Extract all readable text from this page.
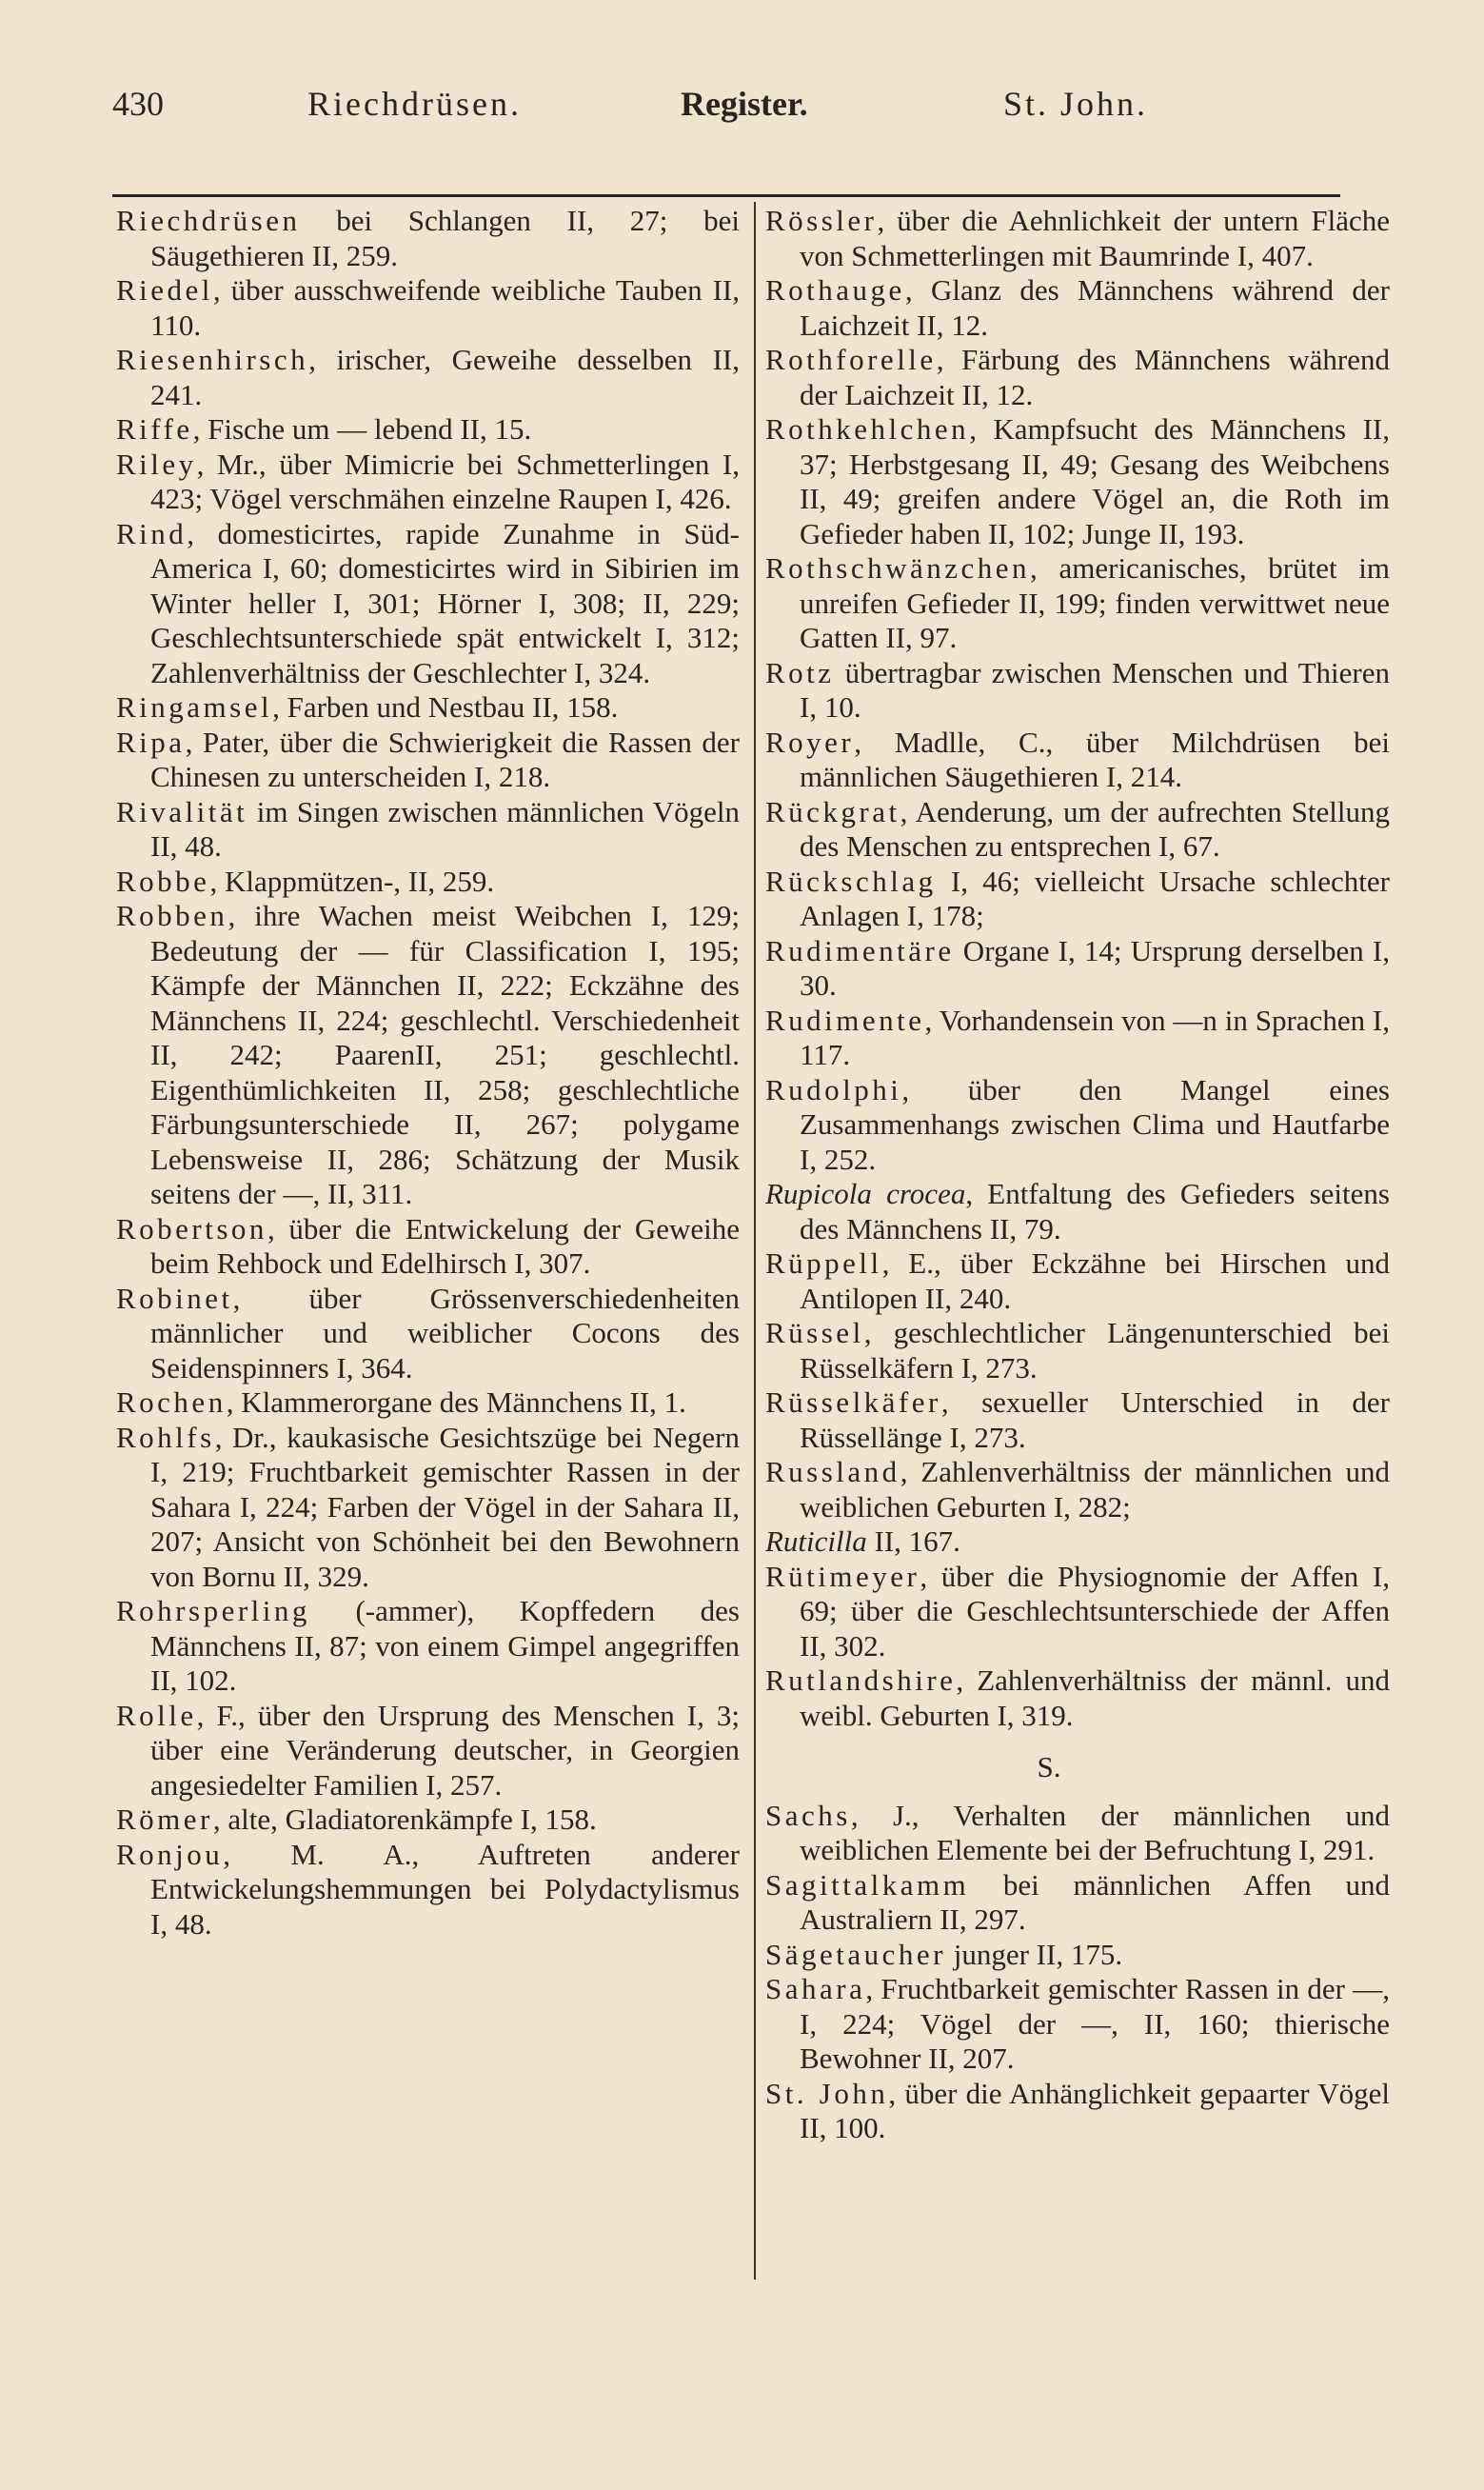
430	Riechdrüsen.	Register.	St. John.

Riechdrüsen bei Schlangen II, 27; bei Säugethieren II, 259.

Riedel, über ausschweifende weibliche Tauben II, 110.

Riesenhirsch, irischer, Geweihe desselben II, 241.

Riffe, Fische um — lebend II, 15.

Riley, Mr., über Mimicrie bei Schmetterlingen I, 423; Vögel verschmähen einzelne Raupen I, 426.

Rind, domesticirtes, rapide Zunahme in Süd-America I, 60; domesticirtes wird in Sibirien im Winter heller I, 301; Hörner I, 308; II, 229; Geschlechtsunterschiede spät entwickelt I, 312; Zahlenverhältniss der Geschlechter I, 324.

Ringamsel, Farben und Nestbau II, 158.

Ripa, Pater, über die Schwierigkeit die Rassen der Chinesen zu unterscheiden I, 218.

Rivalität im Singen zwischen männlichen Vögeln II, 48.

Robbe, Klappmützen-, II, 259.

Robben, ihre Wachen meist Weibchen I, 129; Bedeutung der — für Classification I, 195; Kämpfe der Männchen II, 222; Eckzähne des Männchens II, 224; geschlechtl. Verschiedenheit II, 242; PaarenII, 251; geschlechtl. Eigenthümlichkeiten II, 258; geschlechtliche Färbungsunterschiede II, 267; polygame Lebensweise II, 286; Schätzung der Musik seitens der —, II, 311.

Robertson, über die Entwickelung der Geweihe beim Rehbock und Edelhirsch I, 307.

Robinet, über Grössenverschiedenheiten männlicher und weiblicher Cocons des Seidenspinners I, 364.

Rochen, Klammerorgane des Männchens II, 1.

Rohlfs, Dr., kaukasische Gesichtszüge bei Negern I, 219; Fruchtbarkeit gemischter Rassen in der Sahara I, 224; Farben der Vögel in der Sahara II, 207; Ansicht von Schönheit bei den Bewohnern von Bornu II, 329.

Rohrsperling (-ammer), Kopffedern des Männchens II, 87; von einem Gimpel angegriffen II, 102.

Rolle, F., über den Ursprung des Menschen I, 3; über eine Veränderung deutscher, in Georgien angesiedelter Familien I, 257.

Römer, alte, Gladiatorenkämpfe I, 158.

Ronjou, M. A., Auftreten anderer Entwickelungshemmungen bei Polydactylismus I, 48.

Rössler, über die Aehnlichkeit der untern Fläche von Schmetterlingen mit Baumrinde I, 407.

Rothauge, Glanz des Männchens während der Laichzeit II, 12.

Rothforelle, Färbung des Männchens während der Laichzeit II, 12.

Rothkehlchen, Kampfsucht des Männchens II, 37; Herbstgesang II, 49; Gesang des Weibchens II, 49; greifen andere Vögel an, die Roth im Gefieder haben II, 102; Junge II, 193.

Rothschwänzchen, americanisches, brütet im unreifen Gefieder II, 199; finden verwittwet neue Gatten II, 97.

Rotz übertragbar zwischen Menschen und Thieren I, 10.

Royer, Madlle, C., über Milchdrüsen bei männlichen Säugethieren I, 214.

Rückgrat, Aenderung, um der aufrechten Stellung des Menschen zu entsprechen I, 67.

Rückschlag I, 46; vielleicht Ursache schlechter Anlagen I, 178;

Rudimentäre Organe I, 14; Ursprung derselben I, 30.

Rudimente, Vorhandensein von —n in Sprachen I, 117.

Rudolphi, über den Mangel eines Zusammenhangs zwischen Clima und Hautfarbe I, 252.

Rupicola crocea, Entfaltung des Gefieders seitens des Männchens II, 79.

Rüppell, E., über Eckzähne bei Hirschen und Antilopen II, 240.

Rüssel, geschlechtlicher Längenunterschied bei Rüsselkäfern I, 273.

Rüsselkäfer, sexueller Unterschied in der Rüssellänge I, 273.

Russland, Zahlenverhältniss der männlichen und weiblichen Geburten I, 282;

Ruticilla II, 167.

Rütimeyer, über die Physiognomie der Affen I, 69; über die Geschlechtsunterschiede der Affen II, 302.

Rutlandshire, Zahlenverhältniss der männl. und weibl. Geburten I, 319.

S.

Sachs, J., Verhalten der männlichen und weiblichen Elemente bei der Befruchtung I, 291.

Sagittalkamm bei männlichen Affen und Australiern II, 297.

Sägetaucher junger II, 175.

Sahara, Fruchtbarkeit gemischter Rassen in der —, I, 224; Vögel der —, II, 160; thierische Bewohner II, 207.

St. John, über die Anhänglichkeit gepaarter Vögel II, 100.
